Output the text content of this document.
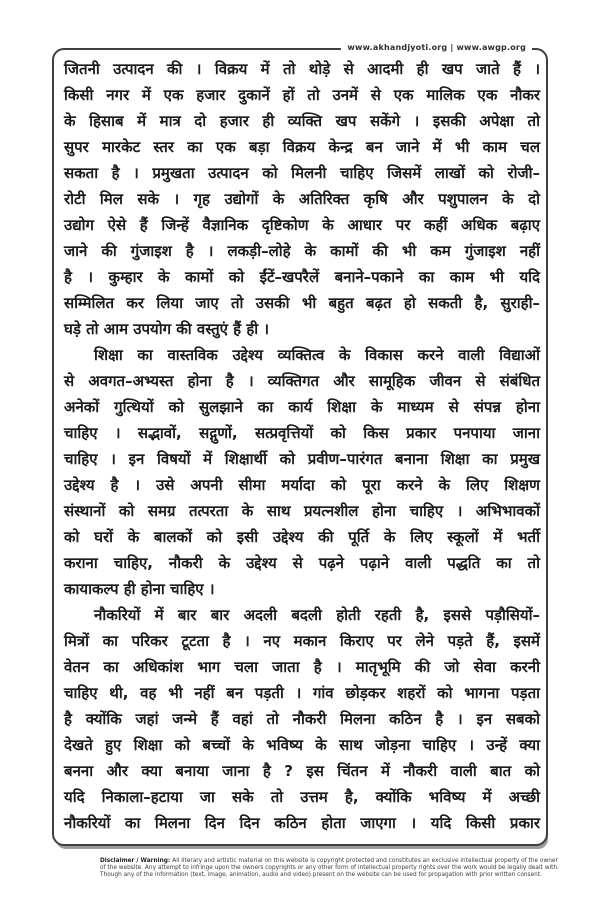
www.akhandjyoti.org | www.awgp.org
जितनी उत्पादन की । विक्रय में तो थोड़े से आदमी ही खप जाते हैं ।
किसी नगर में एक हजार दुकानें हों तो उनमें से एक मालिक एक नौकर
के हिसाब में मात्र दो हजार ही व्यक्ति खप सकेंगे । इसकी अपेक्षा तो
सुपर मारकेट स्तर का एक बड़ा विक्रय केन्द्र बन जाने में भी काम चल
सकता है । प्रमुखता उत्पादन को मिलनी चाहिए जिसमें लाखों को रोजी–
रोटी मिल सके । गृह उद्योगों के अतिरिक्त कृषि और पशुपालन के दो
उद्योग ऐसे हैं जिन्हें वैज्ञानिक दृष्टिकोण के आधार पर कहीं अधिक बढ़ाए
जाने की गुंजाइश है । लकड़ी–लोहे के कामों की भी कम गुंजाइश नहीं
है । कुम्हार के कामों को ईंटें–खपरैलें बनाने–पकाने का काम भी यदि
सम्मिलित कर लिया जाए तो उसकी भी बहुत बढ़त हो सकती है, सुराही–
घड़े तो आम उपयोग की वस्तुएं हैं ही ।
शिक्षा का वास्तविक उद्देश्य व्यक्तित्व के विकास करने वाली विद्याओं
से अवगत–अभ्यस्त होना है । व्यक्तिगत और सामूहिक जीवन से संबंधित
अनेकों गुत्थियों को सुलझाने का कार्य शिक्षा के माध्यम से संपन्न होना
चाहिए । सद्भावों, सद्गुणों, सत्प्रवृत्तियों को किस प्रकार पनपाया जाना
चाहिए । इन विषयों में शिक्षार्थी को प्रवीण–पारंगत बनाना शिक्षा का प्रमुख
उद्देश्य है । उसे अपनी सीमा मर्यादा को पूरा करने के लिए शिक्षण
संस्थानों को समग्र तत्परता के साथ प्रयत्नशील होना चाहिए । अभिभावकों
को घरों के बालकों को इसी उद्देश्य की पूर्ति के लिए स्कूलों में भर्ती
कराना चाहिए, नौकरी के उद्देश्य से पढ़ने पढ़ाने वाली पद्धति का तो
कायाकल्प ही होना चाहिए ।
नौकरियों में बार बार अदली बदली होती रहती है, इससे पड़ौसियों–
मित्रों का परिकर टूटता है । नए मकान किराए पर लेने पड़ते हैं, इसमें
वेतन का अधिकांश भाग चला जाता है । मातृभूमि की जो सेवा करनी
चाहिए थी, वह भी नहीं बन पड़ती । गांव छोड़कर शहरों को भागना पड़ता
है क्योंकि जहां जन्मे हैं वहां तो नौकरी मिलना कठिन है । इन सबको
देखते हुए शिक्षा को बच्चों के भविष्य के साथ जोड़ना चाहिए । उन्हें क्या
बनना और क्या बनाया जाना है ? इस चिंतन में नौकरी वाली बात को
यदि निकाला–हटाया जा सके तो उत्तम है, क्योंकि भविष्य में अच्छी
नौकरियों का मिलना दिन दिन कठिन होता जाएगा । यदि किसी प्रकार
Disclaimer / Warning: All literary and artistic material on this website is copyright protected and constitutes an exclusive intellectual property of the owner
of the website. Any attempt to infringe upon the owners copyrights or any other form of intellectual property rights over the work would be legally dealt with.
Though any of the information (text, image, animation, audio and video) present on the website can be used for propagation with prior written consent.
